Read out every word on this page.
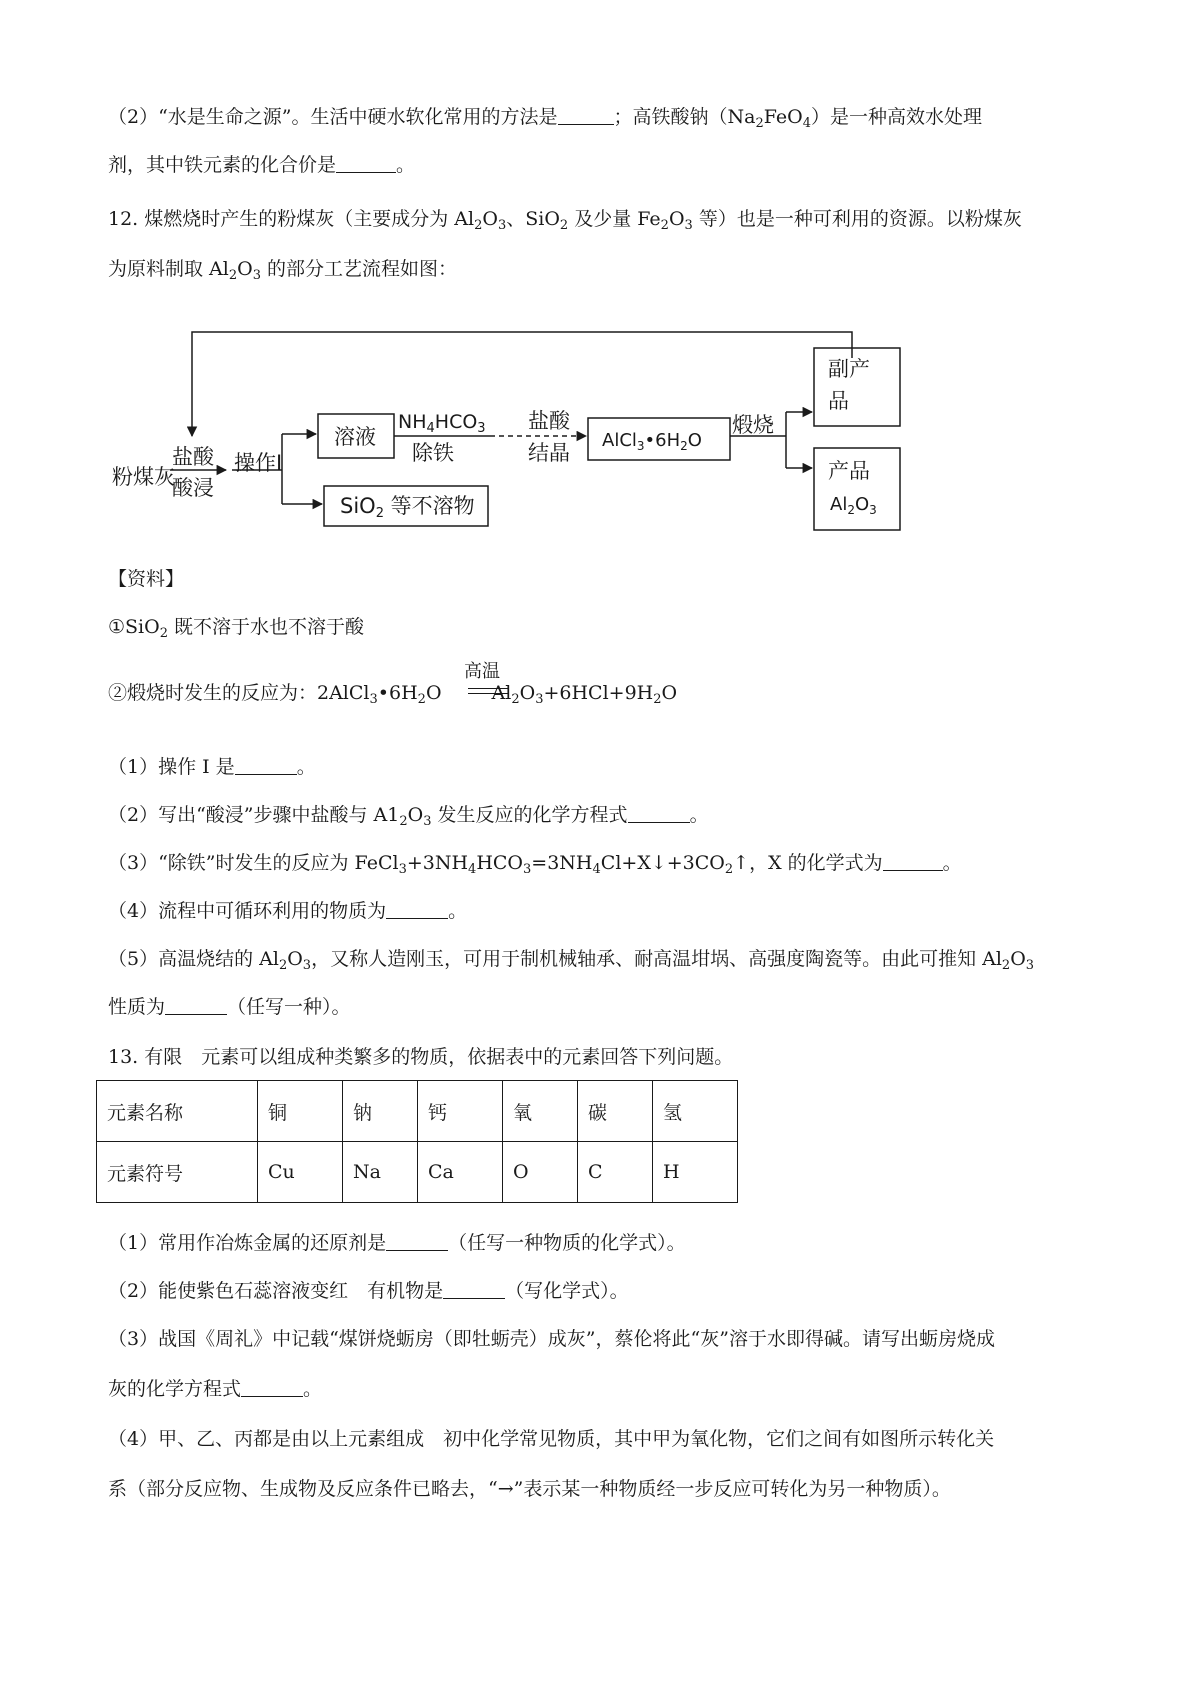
（2）“水是生命之源”。生活中硬水软化常用的方法是	；高铁酸钠$(Na_2FeO_4)$是一种高效水处理
剂，其中铁元素的化合价是	。
12. 煤燃烧时产生的粉煤灰（主要成分为 $Al_2O_3$、SiO$_2$ 及少量 $Fe_2O_3$ 等）也是一种可利用的资源。以粉煤灰
为原料制取 $Al_2O_3$ 的部分工艺流程如图：
粉煤灰
盐酸
酸浸
操作I
溶液
$NH_4HCO_3$
除铁
盐酸
结晶
$AlCl_3•6H_2O$
煅烧
副产
品
产品
$Al_2O_3$
SiO2 等不溶物
【资料】
①SiO$_2$ 既不溶于水也不溶于酸
②煅烧时发生的反应为：$2AlCl_3•6H_2O$	$Al_2O_3+6HCl+9H_2O$
高温
（1）操作 I 是	。
（2）写出“酸浸”步骤中盐酸与 $A1_2O_3$ 发生反应的化学方程式	。
（3）“除铁”时发生的反应为 $FeCl_3+3NH_4HCO_3=3NH_4Cl+X↓+3CO_2↑$，X 的化学式为	。
（4）流程中可循环利用的物质为	。
（5）高温烧结的 $Al_2O_3$，又称人造刚玉，可用于制机械轴承、耐高温坩埚、高强度陶瓷等。由此可推知 $Al_2O_3$
性质为	（任写一种）。
13. 有限　元素可以组成种类繁多的物质，依据表中的元素回答下列问题。
元素名称	铜	钠	钙	氧	碳	氢
元素符号	Cu	Na	Ca	O	C	H
（1）常用作冶炼金属的还原剂是	（任写一种物质的化学式）。
（2）能使紫色石蕊溶液变红　有机物是	（写化学式）。
（3）战国《周礼》中记载“煤饼烧蛎房（即牡蛎壳）成灰”，蔡伦将此“灰”溶于水即得碱。请写出蛎房烧成
灰的化学方程式	。
（4）甲、乙、丙都是由以上元素组成　初中化学常见物质，其中甲为氧化物，它们之间有如图所示转化关
系（部分反应物、生成物及反应条件已略去，“→”表示某一种物质经一步反应可转化为另一种物质）。
